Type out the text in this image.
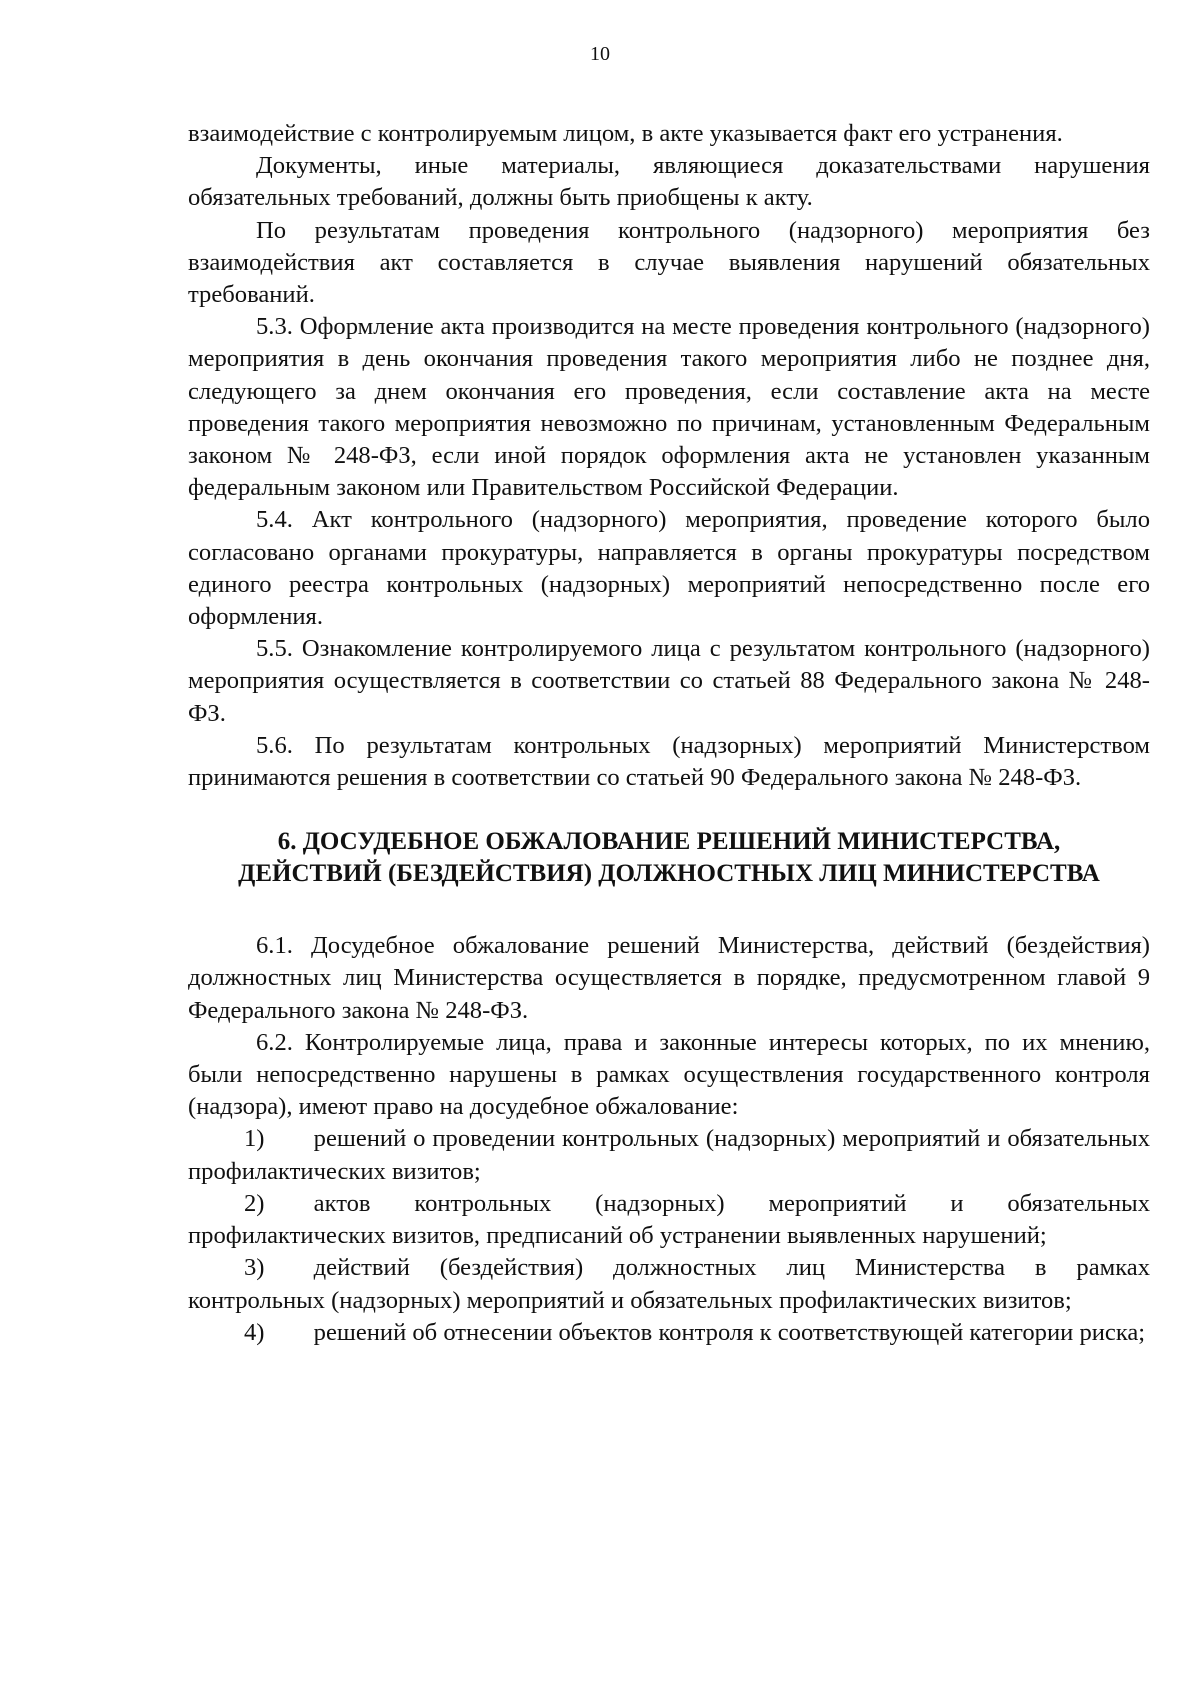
10

взаимодействие с контролируемым лицом, в акте указывается факт его устранения.

Документы, иные материалы, являющиеся доказательствами нарушения обязательных требований, должны быть приобщены к акту.

По результатам проведения контрольного (надзорного) мероприятия без взаимодействия акт составляется в случае выявления нарушений обязательных требований.

5.3. Оформление акта производится на месте проведения контрольного (надзорного) мероприятия в день окончания проведения такого мероприятия либо не позднее дня, следующего за днем окончания его проведения, если составление акта на месте проведения такого мероприятия невозможно по причинам, установленным Федеральным законом № 248-ФЗ, если иной порядок оформления акта не установлен указанным федеральным законом или Правительством Российской Федерации.

5.4. Акт контрольного (надзорного) мероприятия, проведение которого было согласовано органами прокуратуры, направляется в органы прокуратуры посредством единого реестра контрольных (надзорных) мероприятий непосредственно после его оформления.

5.5. Ознакомление контролируемого лица с результатом контрольного (надзорного) мероприятия осуществляется в соответствии со статьей 88 Федерального закона № 248-ФЗ.

5.6. По результатам контрольных (надзорных) мероприятий Министерством принимаются решения в соответствии со статьей 90 Федерального закона № 248-ФЗ.

6. ДОСУДЕБНОЕ ОБЖАЛОВАНИЕ РЕШЕНИЙ МИНИСТЕРСТВА, ДЕЙСТВИЙ (БЕЗДЕЙСТВИЯ) ДОЛЖНОСТНЫХ ЛИЦ МИНИСТЕРСТВА

6.1. Досудебное обжалование решений Министерства, действий (бездействия) должностных лиц Министерства осуществляется в порядке, предусмотренном главой 9 Федерального закона № 248-ФЗ.

6.2. Контролируемые лица, права и законные интересы которых, по их мнению, были непосредственно нарушены в рамках осуществления государственного контроля (надзора), имеют право на досудебное обжалование:

1)  решений о проведении контрольных (надзорных) мероприятий и обязательных профилактических визитов;

2)  актов контрольных (надзорных) мероприятий и обязательных профилактических визитов, предписаний об устранении выявленных нарушений;

3)  действий (бездействия) должностных лиц Министерства в рамках контрольных (надзорных) мероприятий и обязательных профилактических визитов;

4)  решений об отнесении объектов контроля к соответствующей категории риска;
